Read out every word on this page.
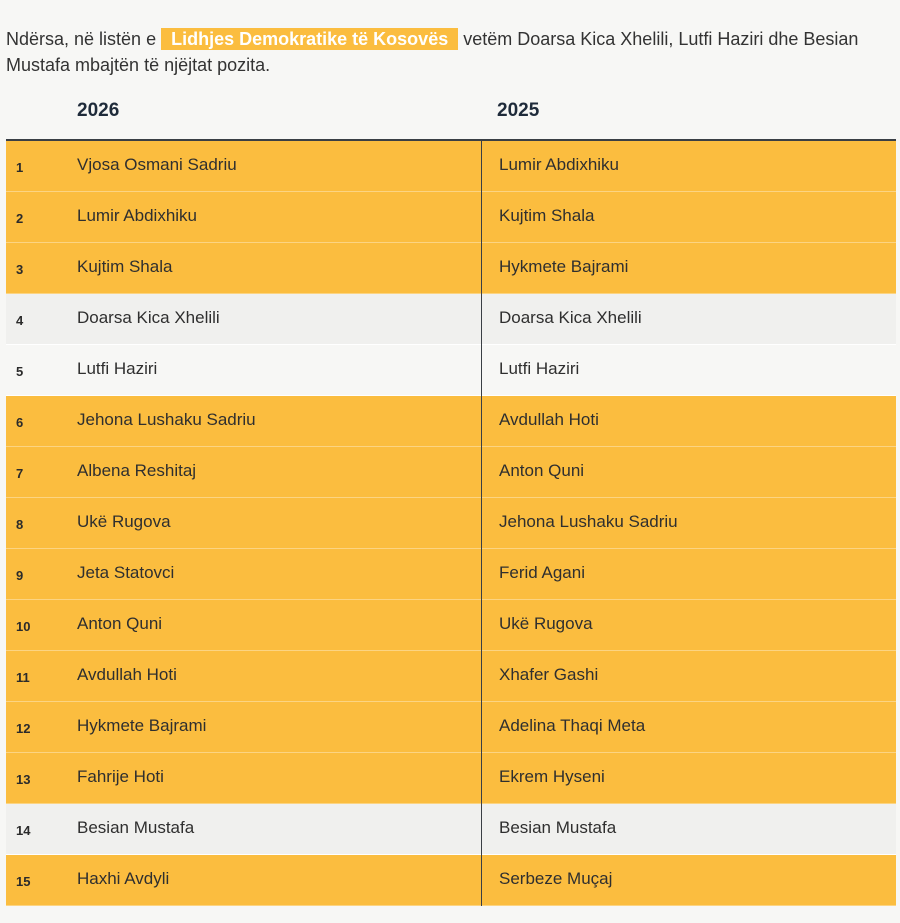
Ndërsa, në listën e Lidhjes Demokratike të Kosovës vetëm Doarsa Kica Xhelili, Lutfi Haziri dhe Besian Mustafa mbajtën të njëjtat pozita.

2026	2025
1	Vjosa Osmani Sadriu	Lumir Abdixhiku
2	Lumir Abdixhiku	Kujtim Shala
3	Kujtim Shala	Hykmete Bajrami
4	Doarsa Kica Xhelili	Doarsa Kica Xhelili
5	Lutfi Haziri	Lutfi Haziri
6	Jehona Lushaku Sadriu	Avdullah Hoti
7	Albena Reshitaj	Anton Quni
8	Ukë Rugova	Jehona Lushaku Sadriu
9	Jeta Statovci	Ferid Agani
10	Anton Quni	Ukë Rugova
11	Avdullah Hoti	Xhafer Gashi
12	Hykmete Bajrami	Adelina Thaqi Meta
13	Fahrije Hoti	Ekrem Hyseni
14	Besian Mustafa	Besian Mustafa
15	Haxhi Avdyli	Serbeze Muçaj
